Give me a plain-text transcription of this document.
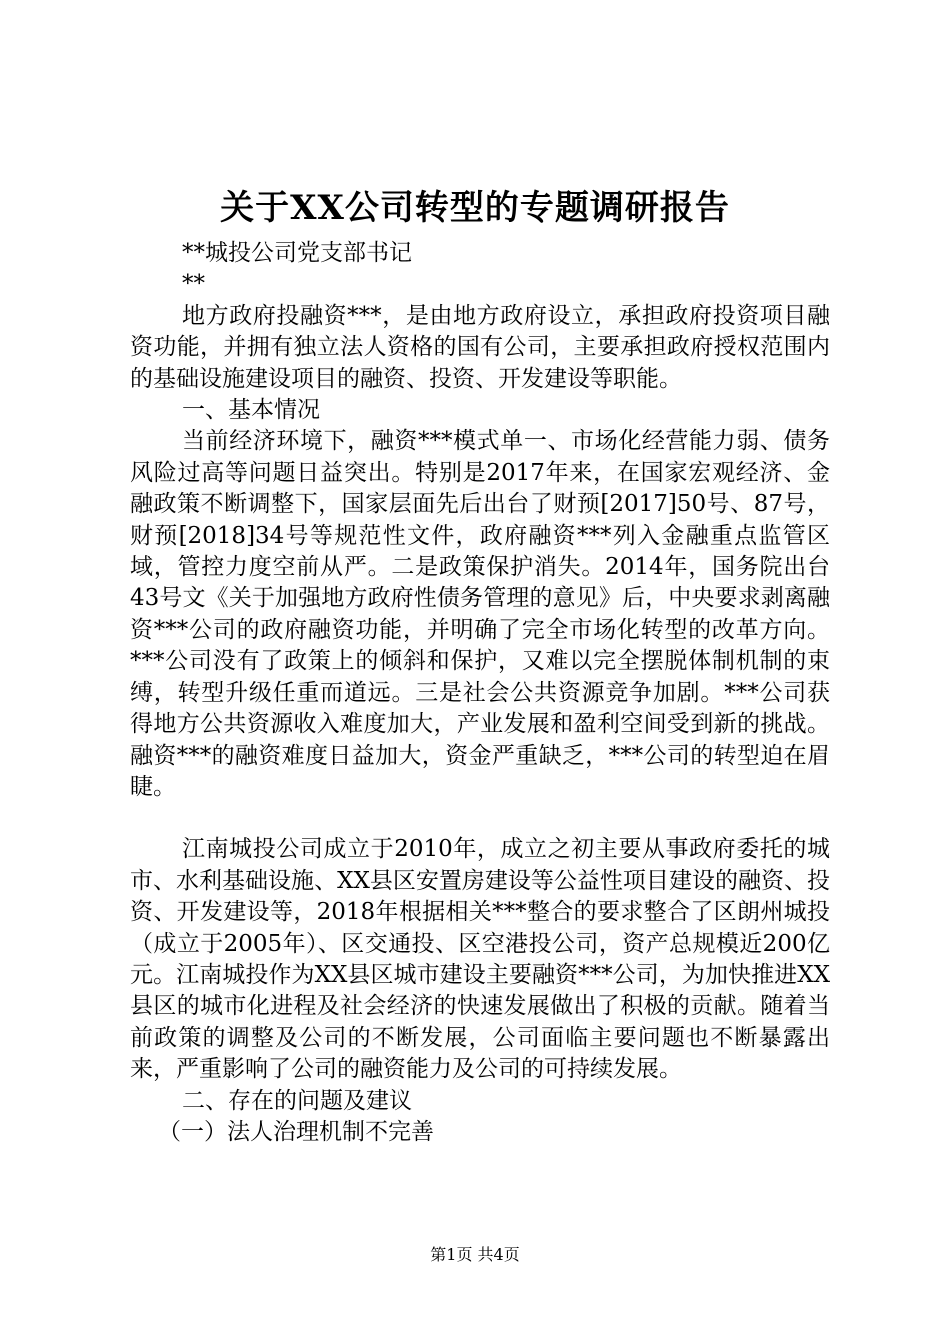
关于XX公司转型的专题调研报告

**城投公司党支部书记

**

地方政府投融资***，是由地方政府设立，承担政府投资项目融资功能，并拥有独立法人资格的国有公司，主要承担政府授权范围内的基础设施建设项目的融资、投资、开发建设等职能。

一、基本情况

当前经济环境下，融资***模式单一、市场化经营能力弱、债务风险过高等问题日益突出。特别是2017年来，在国家宏观经济、金融政策不断调整下，国家层面先后出台了财预[2017]50号、87号，财预[2018]34号等规范性文件，政府融资***列入金融重点监管区域，管控力度空前从严。二是政策保护消失。2014年，国务院出台43号文《关于加强地方政府性债务管理的意见》后，中央要求剥离融资***公司的政府融资功能，并明确了完全市场化转型的改革方向。***公司没有了政策上的倾斜和保护，又难以完全摆脱体制机制的束缚，转型升级任重而道远。三是社会公共资源竞争加剧。***公司获得地方公共资源收入难度加大，产业发展和盈利空间受到新的挑战。融资***的融资难度日益加大，资金严重缺乏，***公司的转型迫在眉睫。

江南城投公司成立于2010年，成立之初主要从事政府委托的城市、水利基础设施、XX县区安置房建设等公益性项目建设的融资、投资、开发建设等，2018年根据相关***整合的要求整合了区朗州城投（成立于2005年）、区交通投、区空港投公司，资产总规模近200亿元。江南城投作为XX县区城市建设主要融资***公司，为加快推进XX县区的城市化进程及社会经济的快速发展做出了积极的贡献。随着当前政策的调整及公司的不断发展，公司面临主要问题也不断暴露出来，严重影响了公司的融资能力及公司的可持续发展。

二、存在的问题及建议

（一）法人治理机制不完善

第1页 共4页
